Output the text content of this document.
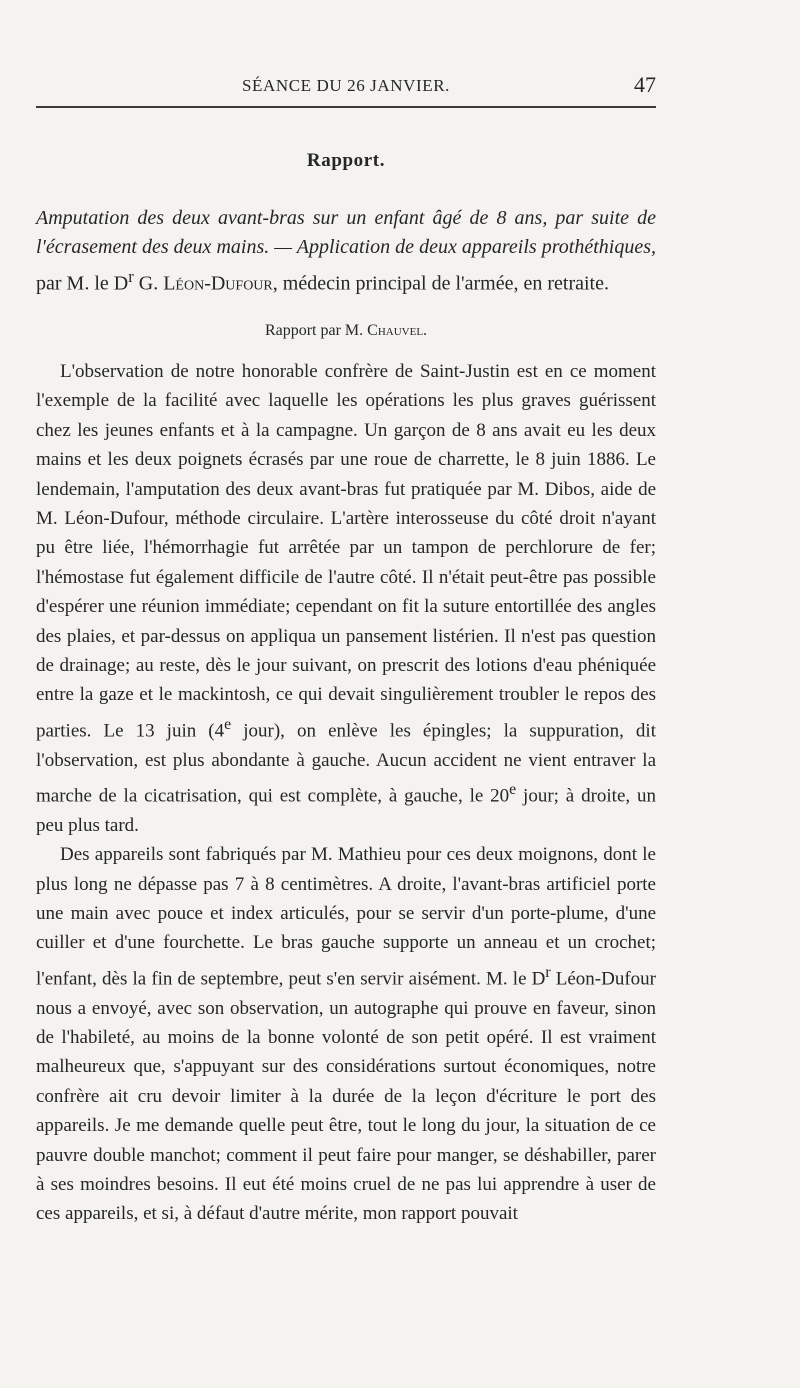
SÉANCE DU 26 JANVIER.	47
Rapport.
Amputation des deux avant-bras sur un enfant âgé de 8 ans, par suite de l'écrasement des deux mains. — Application de deux appareils prothéthiques, par M. le $D^r$ G. Léon-Dufour, médecin principal de l'armée, en retraite.
Rapport par M. Chauvel.

L'observation de notre honorable confrère de Saint-Justin est en ce moment l'exemple de la facilité avec laquelle les opérations les plus graves guérissent chez les jeunes enfants et à la campagne. Un garçon de 8 ans avait eu les deux mains et les deux poignets écrasés par une roue de charrette, le 8 juin 1886. Le lendemain, l'amputation des deux avant-bras fut pratiquée par M. Dibos, aide de M. Léon-Dufour, méthode circulaire. L'artère interosseuse du côté droit n'ayant pu être liée, l'hémorrhagie fut arrêtée par un tampon de perchlorure de fer; l'hémostase fut également difficile de l'autre côté. Il n'était peut-être pas possible d'espérer une réunion immédiate; cependant on fit la suture entortillée des angles des plaies, et par-dessus on appliqua un pansement listérien. Il n'est pas question de drainage; au reste, dès le jour suivant, on prescrit des lotions d'eau phéniquée entre la gaze et le mackintosh, ce qui devait singulièrement troubler le repos des parties. Le 13 juin (4e jour), on enlève les épingles; la suppuration, dit l'observation, est plus abondante à gauche. Aucun accident ne vient entraver la marche de la cicatrisation, qui est complète, à gauche, le 20e jour; à droite, un peu plus tard.

Des appareils sont fabriqués par M. Mathieu pour ces deux moignons, dont le plus long ne dépasse pas 7 à 8 centimètres. A droite, l'avant-bras artificiel porte une main avec pouce et index articulés, pour se servir d'un porte-plume, d'une cuiller et d'une fourchette. Le bras gauche supporte un anneau et un crochet; l'enfant, dès la fin de septembre, peut s'en servir aisément. M. le $D^r$ Léon-Dufour nous a envoyé, avec son observation, un autographe qui prouve en faveur, sinon de l'habileté, au moins de la bonne volonté de son petit opéré. Il est vraiment malheureux que, s'appuyant sur des considérations surtout économiques, notre confrère ait cru devoir limiter à la durée de la leçon d'écriture le port des appareils. Je me demande quelle peut être, tout le long du jour, la situation de ce pauvre double manchot; comment il peut faire pour manger, se déshabiller, parer à ses moindres besoins. Il eut été moins cruel de ne pas lui apprendre à user de ces appareils, et si, à défaut d'autre mérite, mon rapport pouvait
